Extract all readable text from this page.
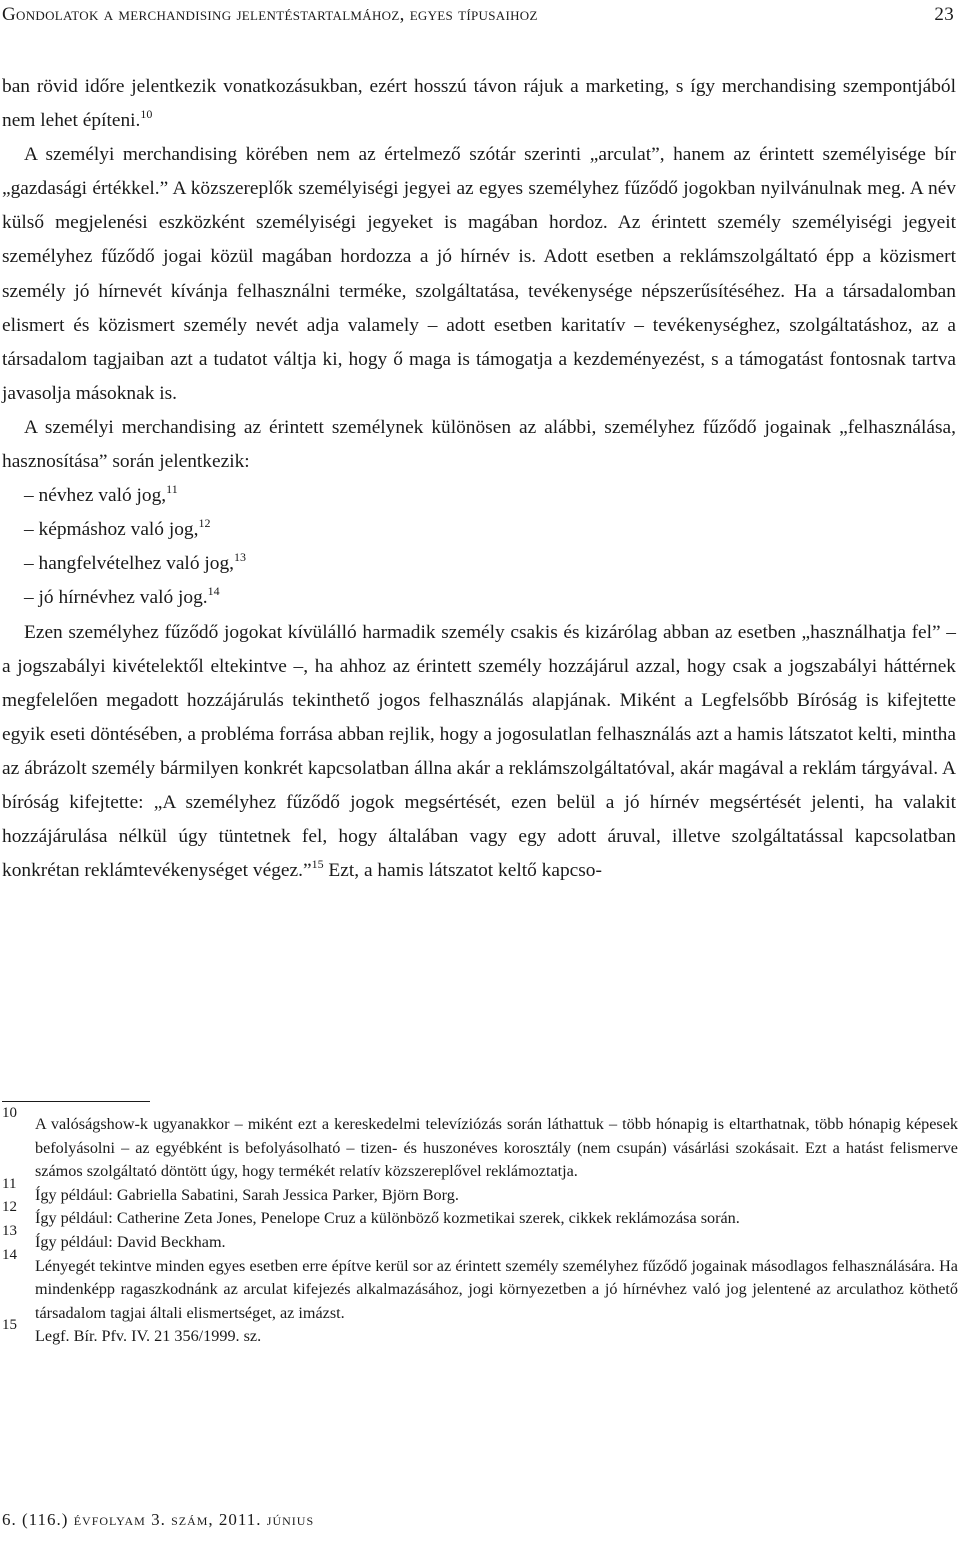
Gondolatok a merchandising jelentéstartalmához, egyes típusaihoz	23

ban rövid időre jelentkezik vonatkozásukban, ezért hosszú távon rájuk a marketing, s így merchandising szempontjából nem lehet építeni.$^{10}$

A személyi merchandising körében nem az értelmező szótár szerinti „arculat”, hanem az érintett személyisége bír „gazdasági értékkel.” A közszereplők személyiségi jegyei az egyes személyhez fűződő jogokban nyilvánulnak meg. A név külső megjelenési eszközként személyiségi jegyeket is magában hordoz. Az érintett személy személyiségi jegyeit személyhez fűződő jogai közül magában hordozza a jó hírnév is. Adott esetben a reklámszolgáltató épp a közismert személy jó hírnevét kívánja felhasználni terméke, szolgáltatása, tevékenysége népszerűsítéséhez. Ha a társadalomban elismert és közismert személy nevét adja valamely – adott esetben karitatív – tevékenységhez, szolgáltatáshoz, az a társadalom tagjaiban azt a tudatot váltja ki, hogy ő maga is támogatja a kezdeményezést, s a támogatást fontosnak tartva javasolja másoknak is.

A személyi merchandising az érintett személynek különösen az alábbi, személyhez fűződő jogainak „felhasználása, hasznosítása” során jelentkezik:

– névhez való jog,$^{11}$
– képmáshoz való jog,$^{12}$
– hangfelvételhez való jog,$^{13}$
– jó hírnévhez való jog.$^{14}$

Ezen személyhez fűződő jogokat kívülálló harmadik személy csakis és kizárólag abban az esetben „használhatja fel” – a jogszabályi kivételektől eltekintve –, ha ahhoz az érintett személy hozzájárul azzal, hogy csak a jogszabályi háttérnek megfelelően megadott hozzájárulás tekinthető jogos felhasználás alapjának. Miként a Legfelsőbb Bíróság is kifejtette egyik eseti döntésében, a probléma forrása abban rejlik, hogy a jogosulatlan felhasználás azt a hamis látszatot kelti, mintha az ábrázolt személy bármilyen konkrét kapcsolatban állna akár a reklámszolgáltatóval, akár magával a reklám tárgyával. A bíróság kifejtette: „A személyhez fűződő jogok megsértését, ezen belül a jó hírnév megsértését jelenti, ha valakit hozzájárulása nélkül úgy tüntetnek fel, hogy általában vagy egy adott áruval, illetve szolgáltatással kapcsolatban konkrétan reklámtevékenységet végez.”$^{15}$ Ezt, a hamis látszatot keltő kapcso-

10
A valóságshow-k ugyanakkor – miként ezt a kereskedelmi televíziózás során láthattuk – több hónapig is eltarthatnak, több hónapig képesek befolyásolni – az egyébként is befolyásolható – tizen- és huszonéves korosztály (nem csupán) vásárlási szokásait. Ezt a hatást felismerve számos szolgáltató döntött úgy, hogy termékét relatív közszereplővel reklámoztatja.

11
Így például: Gabriella Sabatini, Sarah Jessica Parker, Björn Borg.

12
Így például: Catherine Zeta Jones, Penelope Cruz a különböző kozmetikai szerek, cikkek reklámozása során.

13
Így például: David Beckham.

14
Lényegét tekintve minden egyes esetben erre építve kerül sor az érintett személy személyhez fűződő jogainak másodlagos felhasználására. Ha mindenképp ragaszkodnánk az arculat kifejezés alkalmazásához, jogi környezetben a jó hírnévhez való jog jelentené az arculathoz köthető társadalom tagjai általi elismertséget, az imázst.

15
Legf. Bír. Pfv. IV. 21 356/1999. sz.

6. (116.) évfolyam 3. szám, 2011. június
